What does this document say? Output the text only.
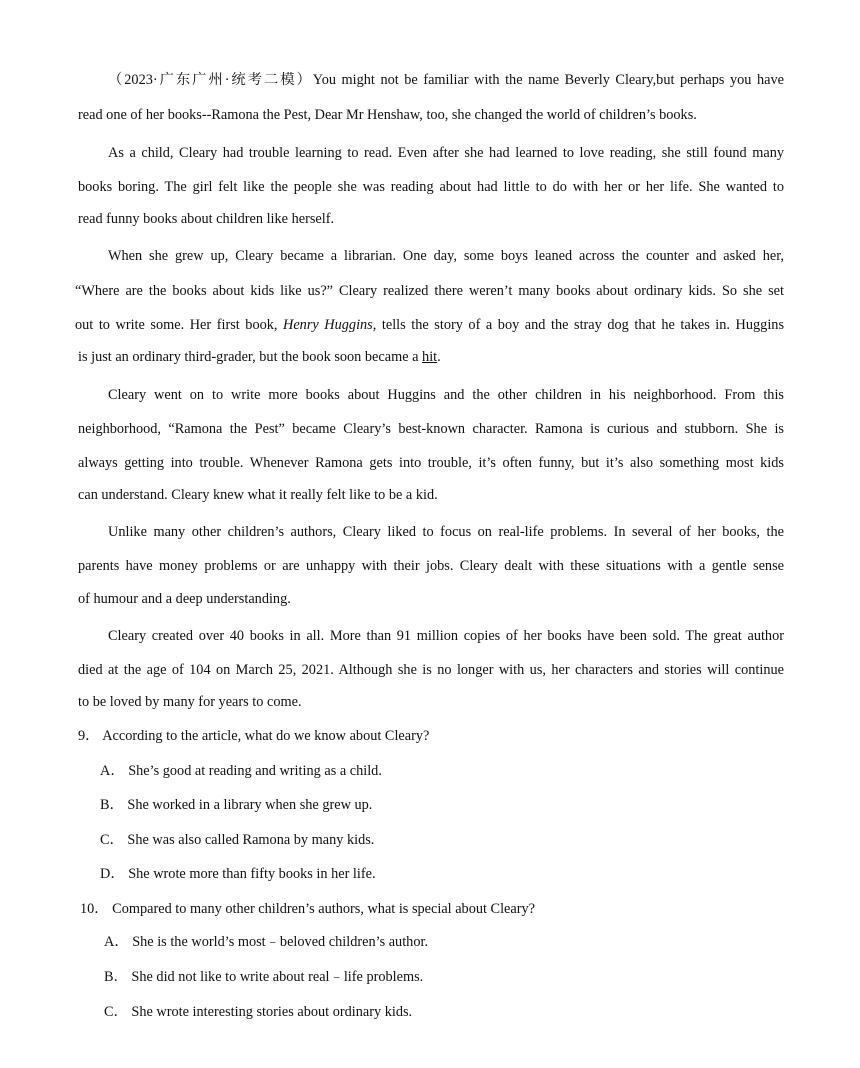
（2023·广东广州·统考二模）You might not be familiar with the name Beverly Cleary,but perhaps you have
read one of her books--Ramona the Pest, Dear Mr Henshaw, too, she changed the world of children’s books.
As a child, Cleary had trouble learning to read. Even after she had learned to love reading, she still found many
books boring. The girl felt like the people she was reading about had little to do with her or her life. She wanted to
read funny books about children like herself.
When she grew up, Cleary became a librarian. One day, some boys leaned across the counter and asked her,
“Where are the books about kids like us?” Cleary realized there weren’t many books about ordinary kids. So she set
out to write some. Her first book, Henry Huggins, tells the story of a boy and the stray dog that he takes in. Huggins
is just an ordinary third-grader, but the book soon became a hit.
Cleary went on to write more books about Huggins and the other children in his neighborhood. From this
neighborhood, “Ramona the Pest” became Cleary’s best-known character. Ramona is curious and stubborn. She is
always getting into trouble. Whenever Ramona gets into trouble, it’s often funny, but it’s also something most kids
can understand. Cleary knew what it really felt like to be a kid.
Unlike many other children’s authors, Cleary liked to focus on real-life problems. In several of her books, the
parents have money problems or are unhappy with their jobs. Cleary dealt with these situations with a gentle sense
of humour and a deep understanding.
Cleary created over 40 books in all. More than 91 million copies of her books have been sold. The great author
died at the age of 104 on March 25, 2021. Although she is no longer with us, her characters and stories will continue
to be loved by many for years to come.
9． According to the article, what do we know about Cleary?
A． She’s good at reading and writing as a child.
B． She worked in a library when she grew up.
C． She was also called Ramona by many kids.
D． She wrote more than fifty books in her life.
10． Compared to many other children’s authors, what is special about Cleary?
A． She is the world’s most﹣beloved children’s author.
B． She did not like to write about real﹣life problems.
C． She wrote interesting stories about ordinary kids.
